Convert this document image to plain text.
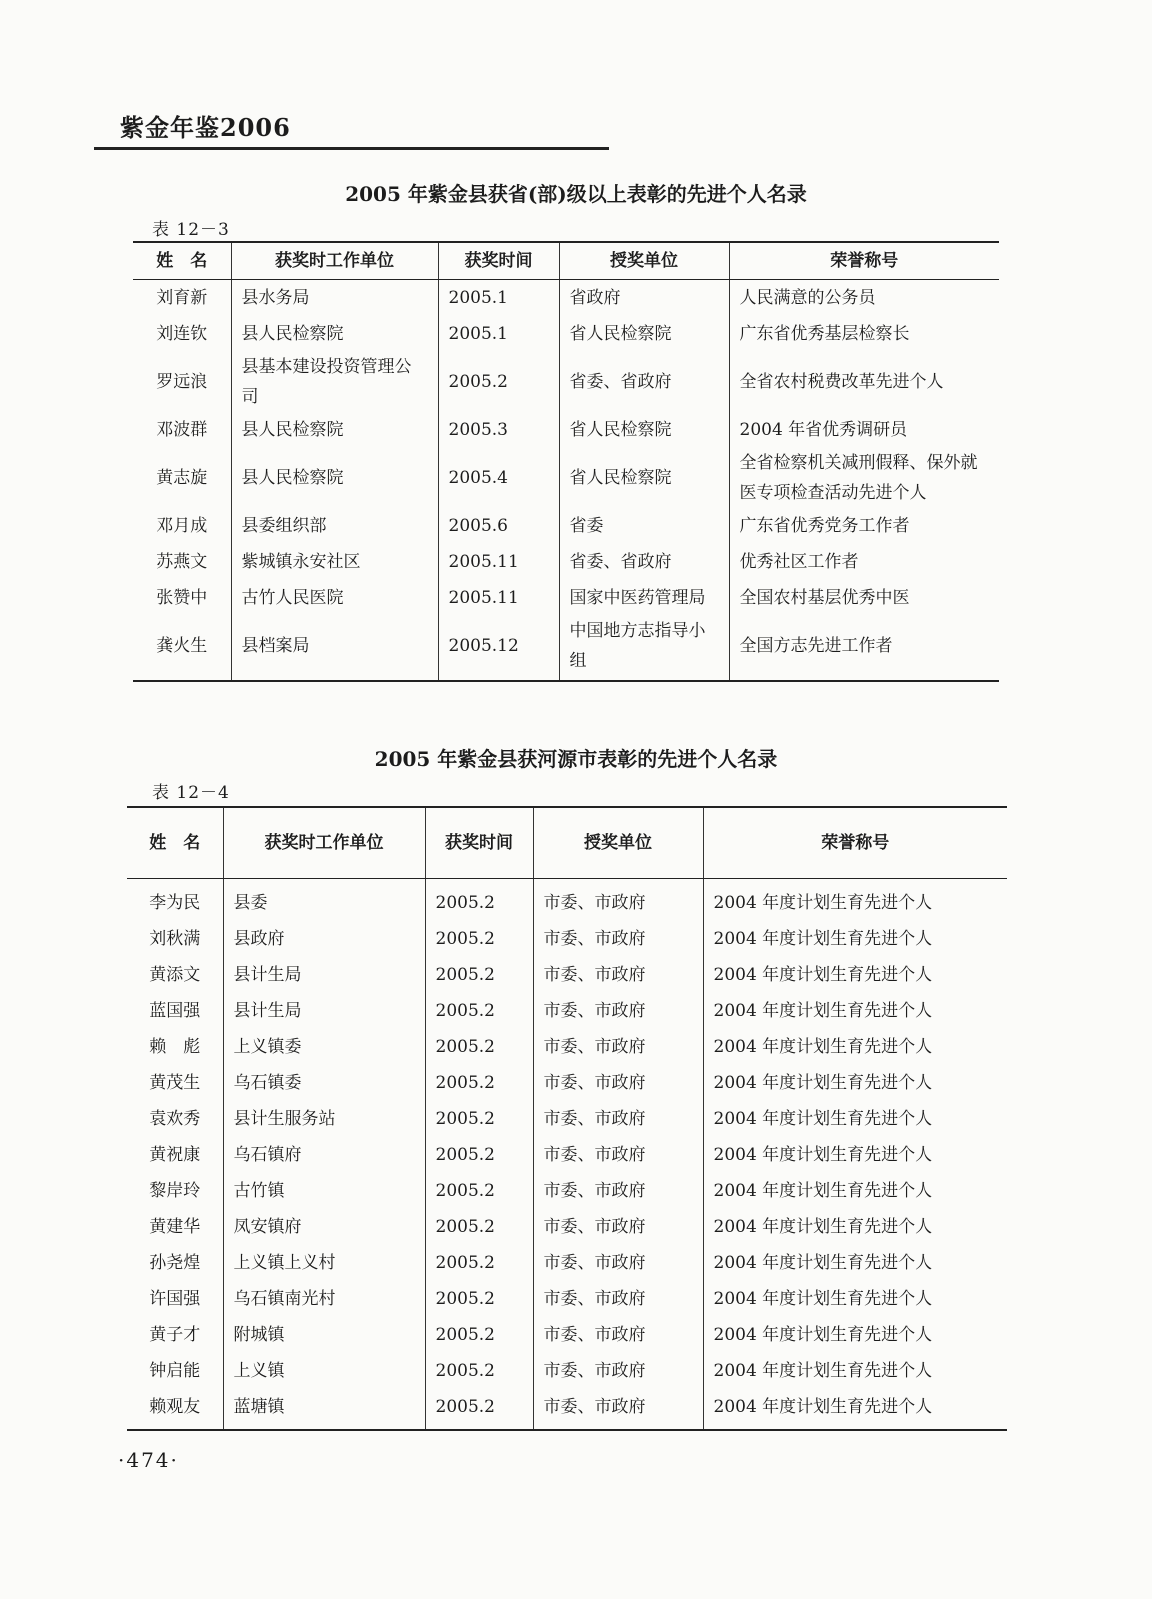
紫金年鉴2006
2005 年紫金县获省(部)级以上表彰的先进个人名录
表 12－3
姓　名	获奖时工作单位	获奖时间	授奖单位	荣誉称号
刘育新	县水务局	2005.1	省政府	人民满意的公务员
刘连钦	县人民检察院	2005.1	省人民检察院	广东省优秀基层检察长
罗远浪	县基本建设投资管理公司	2005.2	省委、省政府	全省农村税费改革先进个人
邓波群	县人民检察院	2005.3	省人民检察院	2004 年省优秀调研员
黄志旋	县人民检察院	2005.4	省人民检察院	全省检察机关减刑假释、保外就医专项检查活动先进个人
邓月成	县委组织部	2005.6	省委	广东省优秀党务工作者
苏燕文	紫城镇永安社区	2005.11	省委、省政府	优秀社区工作者
张赞中	古竹人民医院	2005.11	国家中医药管理局	全国农村基层优秀中医
龚火生	县档案局	2005.12	中国地方志指导小组	全国方志先进工作者
2005 年紫金县获河源市表彰的先进个人名录
表 12－4
姓　名	获奖时工作单位	获奖时间	授奖单位	荣誉称号
李为民	县委	2005.2	市委、市政府	2004 年度计划生育先进个人
刘秋满	县政府	2005.2	市委、市政府	2004 年度计划生育先进个人
黄添文	县计生局	2005.2	市委、市政府	2004 年度计划生育先进个人
蓝国强	县计生局	2005.2	市委、市政府	2004 年度计划生育先进个人
赖　彪	上义镇委	2005.2	市委、市政府	2004 年度计划生育先进个人
黄茂生	乌石镇委	2005.2	市委、市政府	2004 年度计划生育先进个人
袁欢秀	县计生服务站	2005.2	市委、市政府	2004 年度计划生育先进个人
黄祝康	乌石镇府	2005.2	市委、市政府	2004 年度计划生育先进个人
黎岸玲	古竹镇	2005.2	市委、市政府	2004 年度计划生育先进个人
黄建华	凤安镇府	2005.2	市委、市政府	2004 年度计划生育先进个人
孙尧煌	上义镇上义村	2005.2	市委、市政府	2004 年度计划生育先进个人
许国强	乌石镇南光村	2005.2	市委、市政府	2004 年度计划生育先进个人
黄子才	附城镇	2005.2	市委、市政府	2004 年度计划生育先进个人
钟启能	上义镇	2005.2	市委、市政府	2004 年度计划生育先进个人
赖观友	蓝塘镇	2005.2	市委、市政府	2004 年度计划生育先进个人
·474·
